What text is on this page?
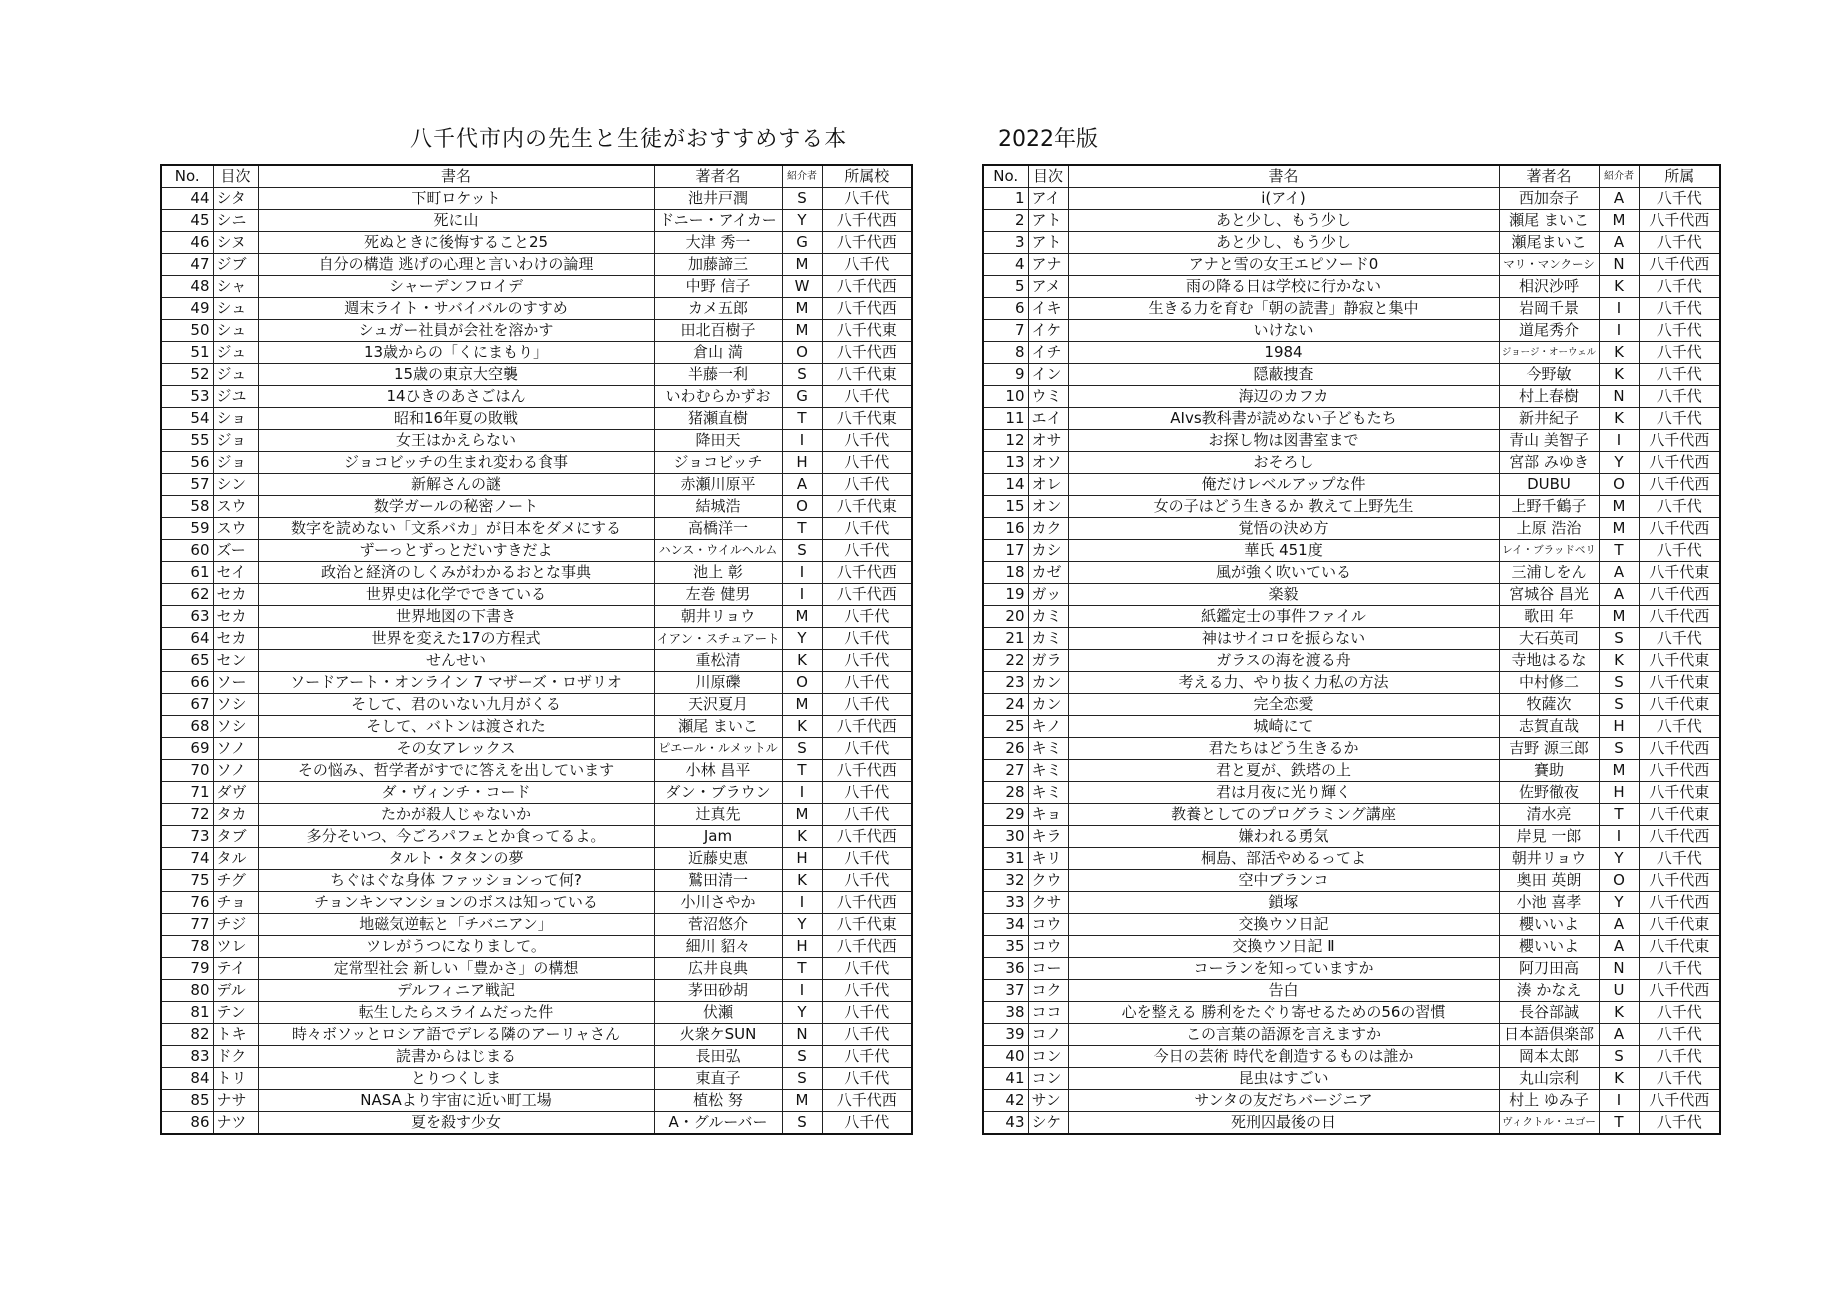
八千代市内の先生と生徒がおすすめする本	2022年版
No.	目次	書名	著者名	紹介者	所属校
44	シタ	下町ロケット	池井戸潤	S	八千代
45	シニ	死に山	ドニー・アイカー	Y	八千代西
46	シヌ	死ぬときに後悔すること25	大津 秀一	G	八千代西
47	ジブ	自分の構造 逃げの心理と言いわけの論理	加藤諦三	M	八千代
48	シャ	シャーデンフロイデ	中野 信子	W	八千代西
49	シュ	週末ライト・サバイバルのすすめ	カメ五郎	M	八千代西
50	シュ	シュガー社員が会社を溶かす	田北百樹子	M	八千代東
51	ジュ	13歳からの「くにまもり」	倉山 満	O	八千代西
52	ジュ	15歳の東京大空襲	半藤一利	S	八千代東
53	ジユ	14ひきのあさごはん	いわむらかずお	G	八千代
54	ショ	昭和16年夏の敗戦	猪瀬直樹	T	八千代東
55	ジョ	女王はかえらない	降田天	I	八千代
56	ジョ	ジョコビッチの生まれ変わる食事	ジョコビッチ	H	八千代
57	シン	新解さんの謎	赤瀬川原平	A	八千代
58	スウ	数学ガールの秘密ノート	結城浩	O	八千代東
59	スウ	数字を読めない「文系バカ」が日本をダメにする	高橋洋一	T	八千代
60	ズー	ずーっとずっとだいすきだよ	ハンス・ウイルヘルム	S	八千代
61	セイ	政治と経済のしくみがわかるおとな事典	池上 彰	I	八千代西
62	セカ	世界史は化学でできている	左巻 健男	I	八千代西
63	セカ	世界地図の下書き	朝井リョウ	M	八千代
64	セカ	世界を変えた17の方程式	イアン・スチュアート	Y	八千代
65	セン	せんせい	重松清	K	八千代
66	ソー	ソードアート・オンライン 7 マザーズ・ロザリオ	川原礫	O	八千代
67	ソシ	そして、君のいない九月がくる	天沢夏月	M	八千代
68	ソシ	そして、バトンは渡された	瀬尾 まいこ	K	八千代西
69	ソノ	その女アレックス	ピエール・ルメットル	S	八千代
70	ソノ	その悩み、哲学者がすでに答えを出しています	小林 昌平	T	八千代西
71	ダヴ	ダ・ヴィンチ・コード	ダン・ブラウン	I	八千代
72	タカ	たかが殺人じゃないか	辻真先	M	八千代
73	タブ	多分そいつ、今ごろパフェとか食ってるよ。	Jam	K	八千代西
74	タル	タルト・タタンの夢	近藤史恵	H	八千代
75	チグ	ちぐはぐな身体 ファッションって何?	鷲田清一	K	八千代
76	チョ	チョンキンマンションのボスは知っている	小川さやか	I	八千代西
77	チジ	地磁気逆転と「チバニアン」	菅沼悠介	Y	八千代東
78	ツレ	ツレがうつになりまして。	細川 貂々	H	八千代西
79	テイ	定常型社会 新しい「豊かさ」の構想	広井良典	T	八千代
80	デル	デルフィニア戦記	茅田砂胡	I	八千代
81	テン	転生したらスライムだった件	伏瀬	Y	八千代
82	トキ	時々ボソッとロシア語でデレる隣のアーリャさん	火衆ケSUN	N	八千代
83	ドク	読書からはじまる	長田弘	S	八千代
84	トリ	とりつくしま	東直子	S	八千代
85	ナサ	NASAより宇宙に近い町工場	植松 努	M	八千代西
86	ナツ	夏を殺す少女	A・グルーバー	S	八千代
No.	目次	書名	著者名	紹介者	所属
1	アイ	i(アイ)	西加奈子	A	八千代
2	アト	あと少し、もう少し	瀬尾 まいこ	M	八千代西
3	アト	あと少し、もう少し	瀬尾まいこ	A	八千代
4	アナ	アナと雪の女王エピソード0	マリ・マンクーシ	N	八千代西
5	アメ	雨の降る日は学校に行かない	相沢沙呼	K	八千代
6	イキ	生きる力を育む「朝の読書」静寂と集中	岩岡千景	I	八千代
7	イケ	いけない	道尾秀介	I	八千代
8	イチ	1984	ジョージ・オーウェル	K	八千代
9	イン	隠蔽捜査	今野敏	K	八千代
10	ウミ	海辺のカフカ	村上春樹	N	八千代
11	エイ	AIvs教科書が読めない子どもたち	新井紀子	K	八千代
12	オサ	お探し物は図書室まで	青山 美智子	I	八千代西
13	オソ	おそろし	宮部 みゆき	Y	八千代西
14	オレ	俺だけレベルアップな件	DUBU	O	八千代西
15	オン	女の子はどう生きるか 教えて上野先生	上野千鶴子	M	八千代
16	カク	覚悟の決め方	上原 浩治	M	八千代西
17	カシ	華氏 451度	レイ・ブラッドベリ	T	八千代
18	カゼ	風が強く吹いている	三浦しをん	A	八千代東
19	ガッ	楽毅	宮城谷 昌光	A	八千代西
20	カミ	紙鑑定士の事件ファイル	歌田 年	M	八千代西
21	カミ	神はサイコロを振らない	大石英司	S	八千代
22	ガラ	ガラスの海を渡る舟	寺地はるな	K	八千代東
23	カン	考える力、やり抜く力私の方法	中村修二	S	八千代東
24	カン	完全恋愛	牧薩次	S	八千代東
25	キノ	城崎にて	志賀直哉	H	八千代
26	キミ	君たちはどう生きるか	吉野 源三郎	S	八千代西
27	キミ	君と夏が、鉄塔の上	賽助	M	八千代西
28	キミ	君は月夜に光り輝く	佐野徹夜	H	八千代東
29	キョ	教養としてのプログラミング講座	清水亮	T	八千代東
30	キラ	嫌われる勇気	岸見 一郎	I	八千代西
31	キリ	桐島、部活やめるってよ	朝井リョウ	Y	八千代
32	クウ	空中ブランコ	奥田 英朗	O	八千代西
33	クサ	鎖塚	小池 喜孝	Y	八千代西
34	コウ	交換ウソ日記	櫻いいよ	A	八千代東
35	コウ	交換ウソ日記 Ⅱ	櫻いいよ	A	八千代東
36	コー	コーランを知っていますか	阿刀田高	N	八千代
37	コク	告白	湊 かなえ	U	八千代西
38	ココ	心を整える 勝利をたぐり寄せるための56の習慣	長谷部誠	K	八千代
39	コノ	この言葉の語源を言えますか	日本語倶楽部	A	八千代
40	コン	今日の芸術 時代を創造するものは誰か	岡本太郎	S	八千代
41	コン	昆虫はすごい	丸山宗利	K	八千代
42	サン	サンタの友だちバージニア	村上 ゆみ子	I	八千代西
43	シケ	死刑囚最後の日	ヴィクトル・ユゴー	T	八千代
